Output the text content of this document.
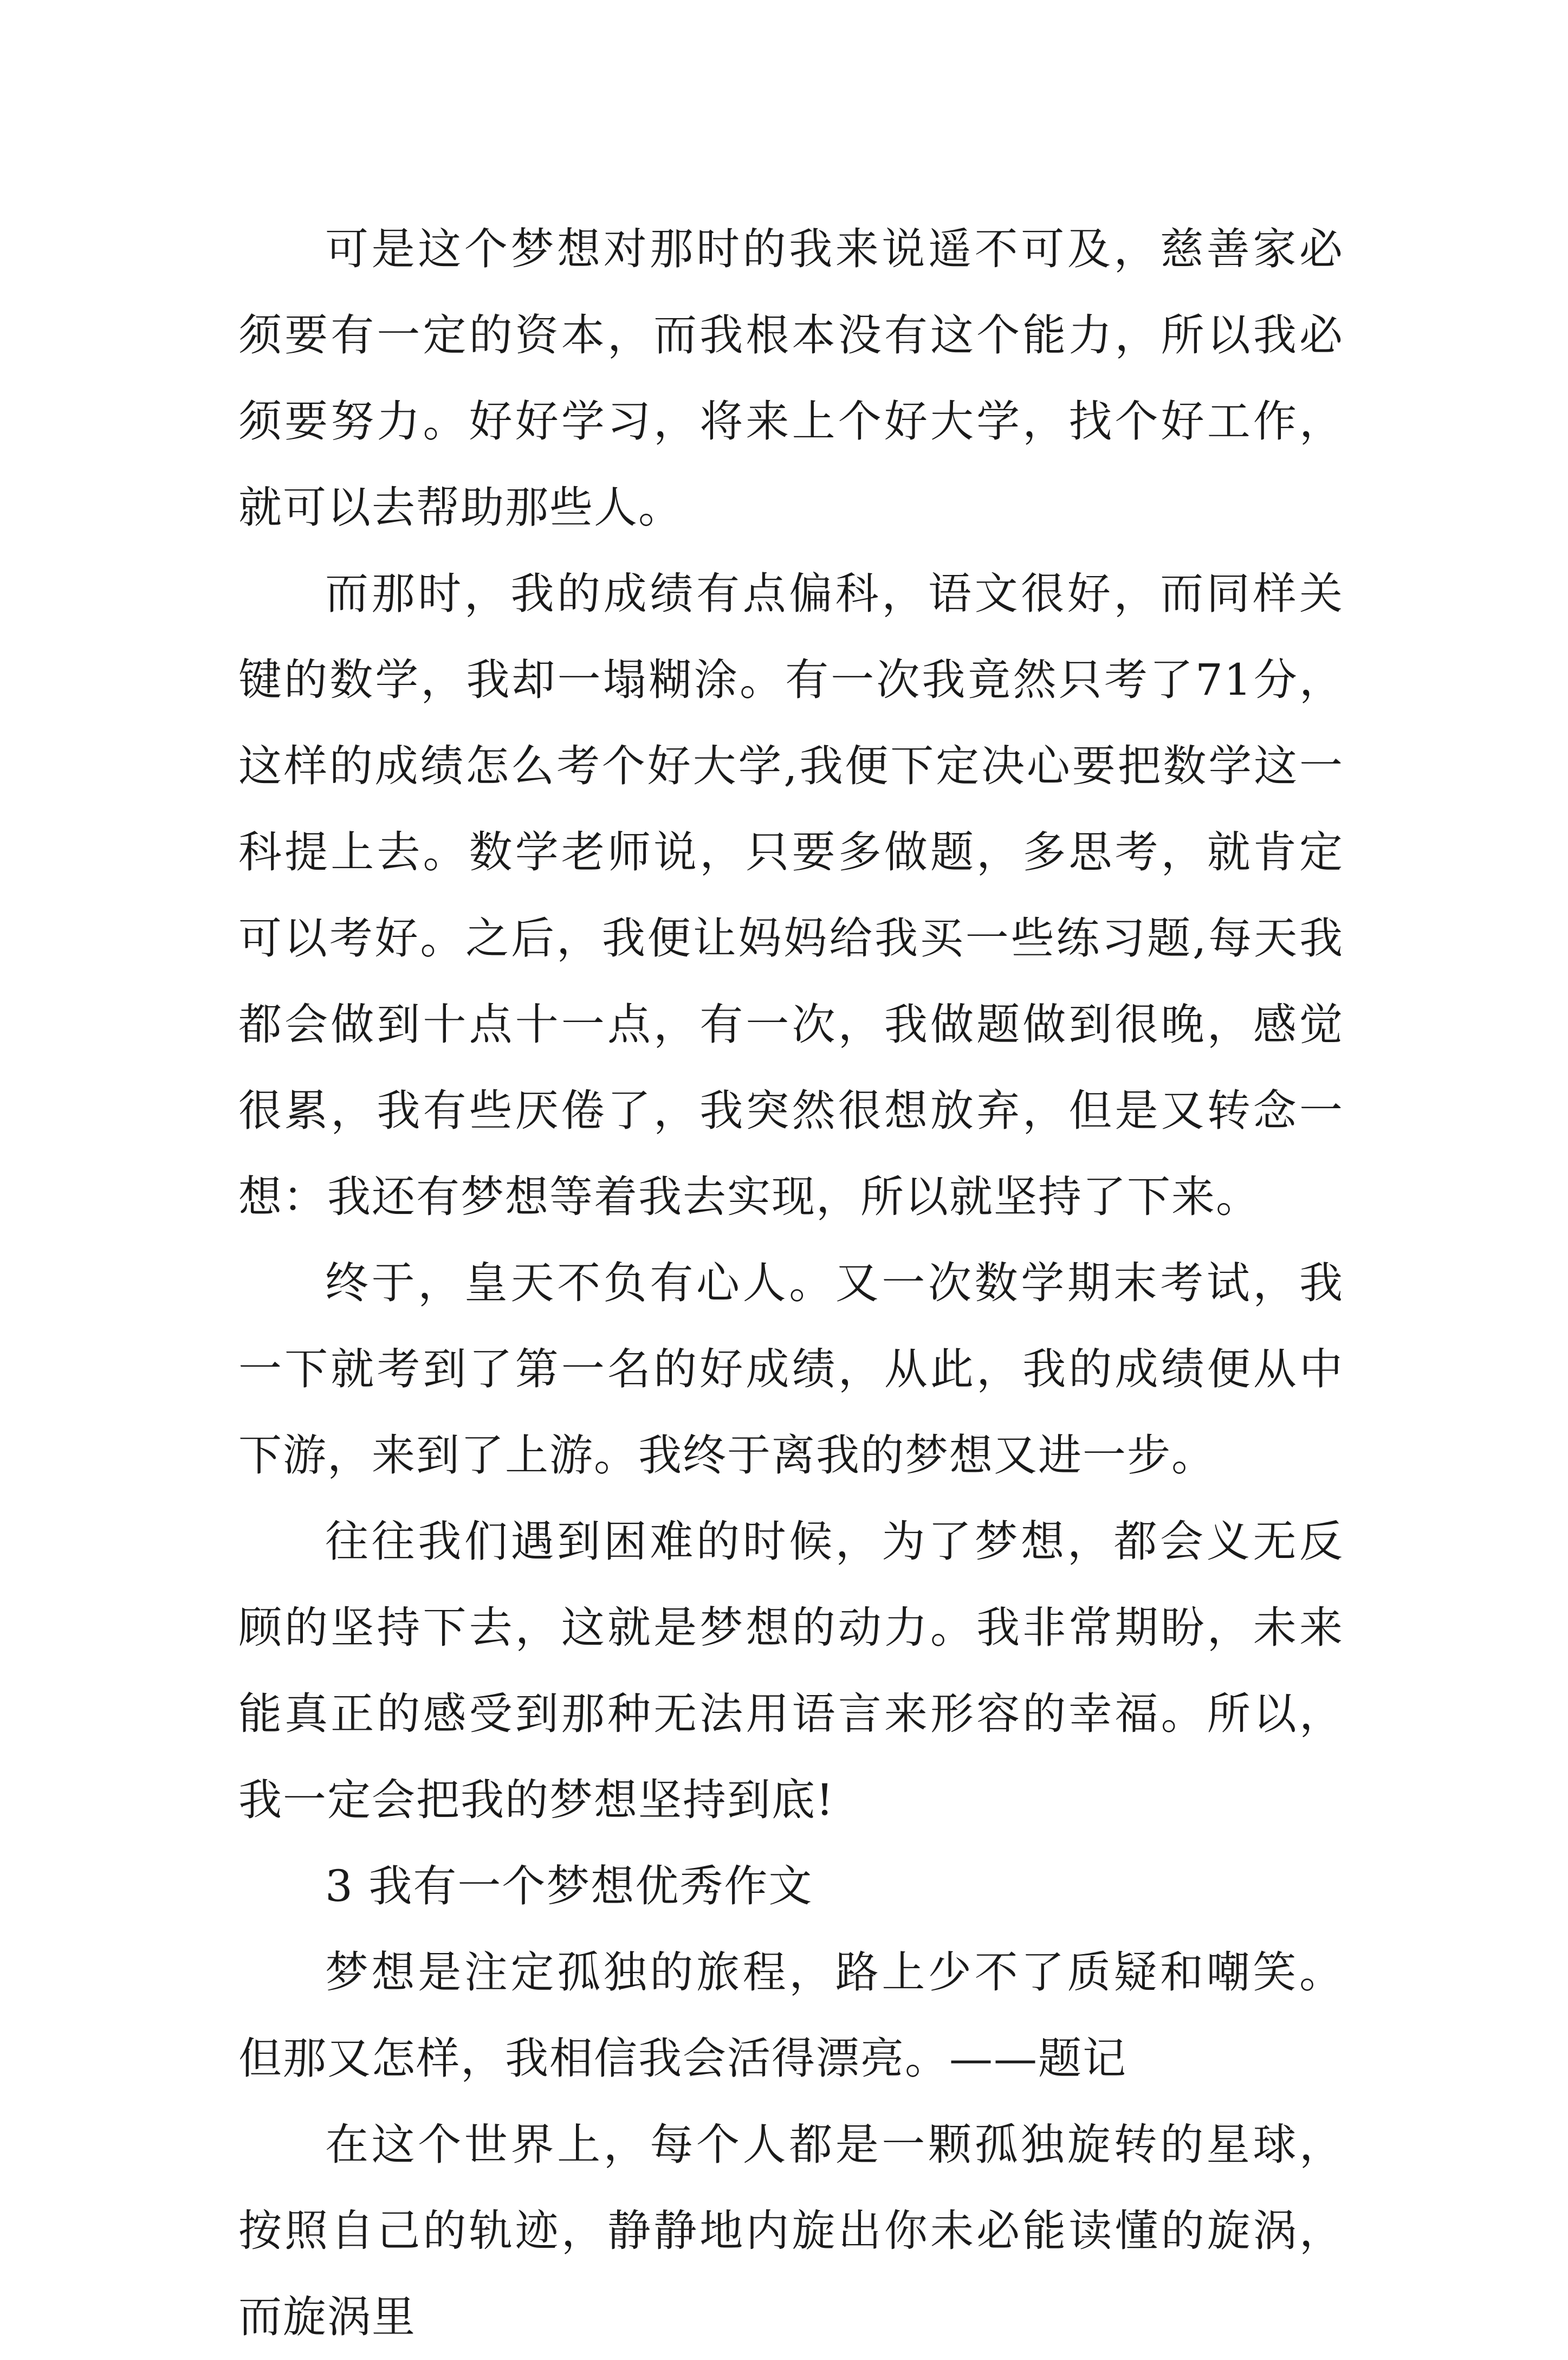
可是这个梦想对那时的我来说遥不可及，慈善家必须要有一定的资本，而我根本没有这个能力，所以我必须要努力。好好学习，将来上个好大学，找个好工作，就可以去帮助那些人。

而那时，我的成绩有点偏科，语文很好，而同样关键的数学，我却一塌糊涂。有一次我竟然只考了71分，这样的成绩怎么考个好大学,我便下定决心要把数学这一科提上去。数学老师说，只要多做题，多思考，就肯定可以考好。之后，我便让妈妈给我买一些练习题,每天我都会做到十点十一点，有一次，我做题做到很晚，感觉很累，我有些厌倦了，我突然很想放弃，但是又转念一想：我还有梦想等着我去实现，所以就坚持了下来。

终于，皇天不负有心人。又一次数学期末考试，我一下就考到了第一名的好成绩，从此，我的成绩便从中下游，来到了上游。我终于离我的梦想又进一步。

往往我们遇到困难的时候，为了梦想，都会义无反顾的坚持下去，这就是梦想的动力。我非常期盼，未来能真正的感受到那种无法用语言来形容的幸福。所以，我一定会把我的梦想坚持到底!

3 我有一个梦想优秀作文

梦想是注定孤独的旅程，路上少不了质疑和嘲笑。但那又怎样，我相信我会活得漂亮。——题记

在这个世界上，每个人都是一颗孤独旋转的星球，按照自己的轨迹，静静地内旋出你未必能读懂的旋涡，而旋涡里
